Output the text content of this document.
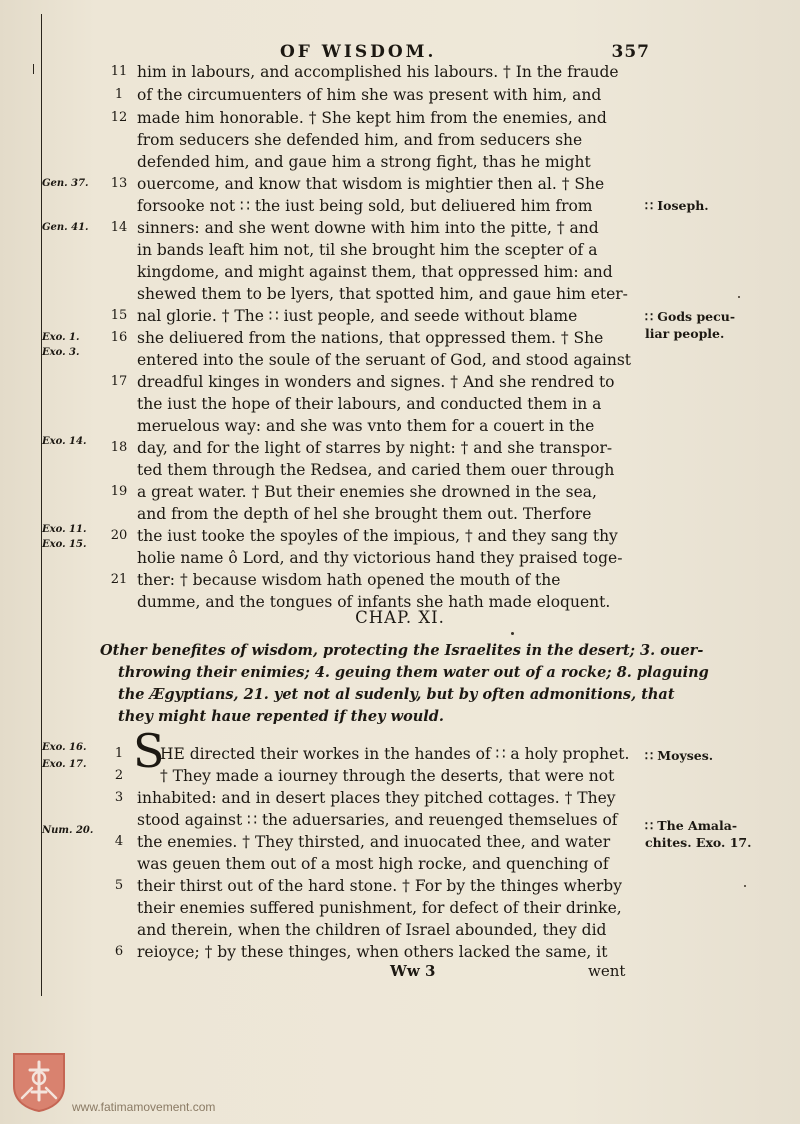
OF WISDOM.	357
him in labours, and accomplished his labours. † In the fraude
of the circumuenters of him she was present with him, and
made him honorable. † She kept him from the enemies, and
from seducers she defended him, and from seducers she
defended him, and gaue him a strong fight, thas he might
ouercome, and know that wisdom is mightier then al. † She
forsooke not ∷ the iust being sold, but deliuered him from
sinners: and she went downe with him into the pitte, † and
in bands leaft him not, til she brought him the scepter of a
kingdome, and might against them, that oppressed him: and
shewed them to be lyers, that spotted him, and gaue him eter-
nal glorie. † The ∷ iust people, and seede without blame
she deliuered from the nations, that oppressed them. † She
entered into the soule of the seruant of God, and stood against
dreadful kinges in wonders and signes. † And she rendred to
the iust the hope of their labours, and conducted them in a
meruelous way: and she was vnto them for a couert in the
day, and for the light of starres by night: † and she transpor-
ted them through the Redsea, and caried them ouer through
a great water. † But their enemies she drowned in the sea,
and from the depth of hel she brought them out. Therfore
the iust tooke the spoyles of the impious, † and they sang thy
holie name ô Lord, and thy victorious hand they praised toge-
ther: † because wisdom hath opened the mouth of the
dumme, and the tongues of infants she hath made eloquent.
11
1
12
13
14
15
16
17
18
19
20
21
Gen. 37.
Gen. 41.
Exo. 1.
Exo. 3.
Exo. 14.
Exo. 11.
Exo. 15.
∷ Ioseph.
∷ Gods pecu-
liar people.
CHAP. XI.
Other benefites of wisdom, protecting the Israelites in the desert; 3. ouer-
throwing their enimies; 4. geuing them water out of a rocke; 8. plaguing
the Ægyptians, 21. yet not al sudenly, but by often admonitions, that
they might haue repented if they would.
S
HE directed their workes in the handes of ∷ a holy prophet.
† They made a iourney through the deserts, that were not
inhabited: and in desert places they pitched cottages. † They
stood against ∷ the aduersaries, and reuenged themselues of
the enemies. † They thirsted, and inuocated thee, and water
was geuen them out of a most high rocke, and quenching of
their thirst out of the hard stone. † For by the thinges wherby
their enemies suffered punishment, for defect of their drinke,
and therein, when the children of Israel abounded, they did
reioyce; † by these thinges, when others lacked the same, it
1
2
3
4
5
6
Exo. 16.
Exo. 17.
Num. 20.
∷ Moyses.
∷ The Amala-
chites. Exo. 17.
Ww 3	went
www.fatimamovement.com
